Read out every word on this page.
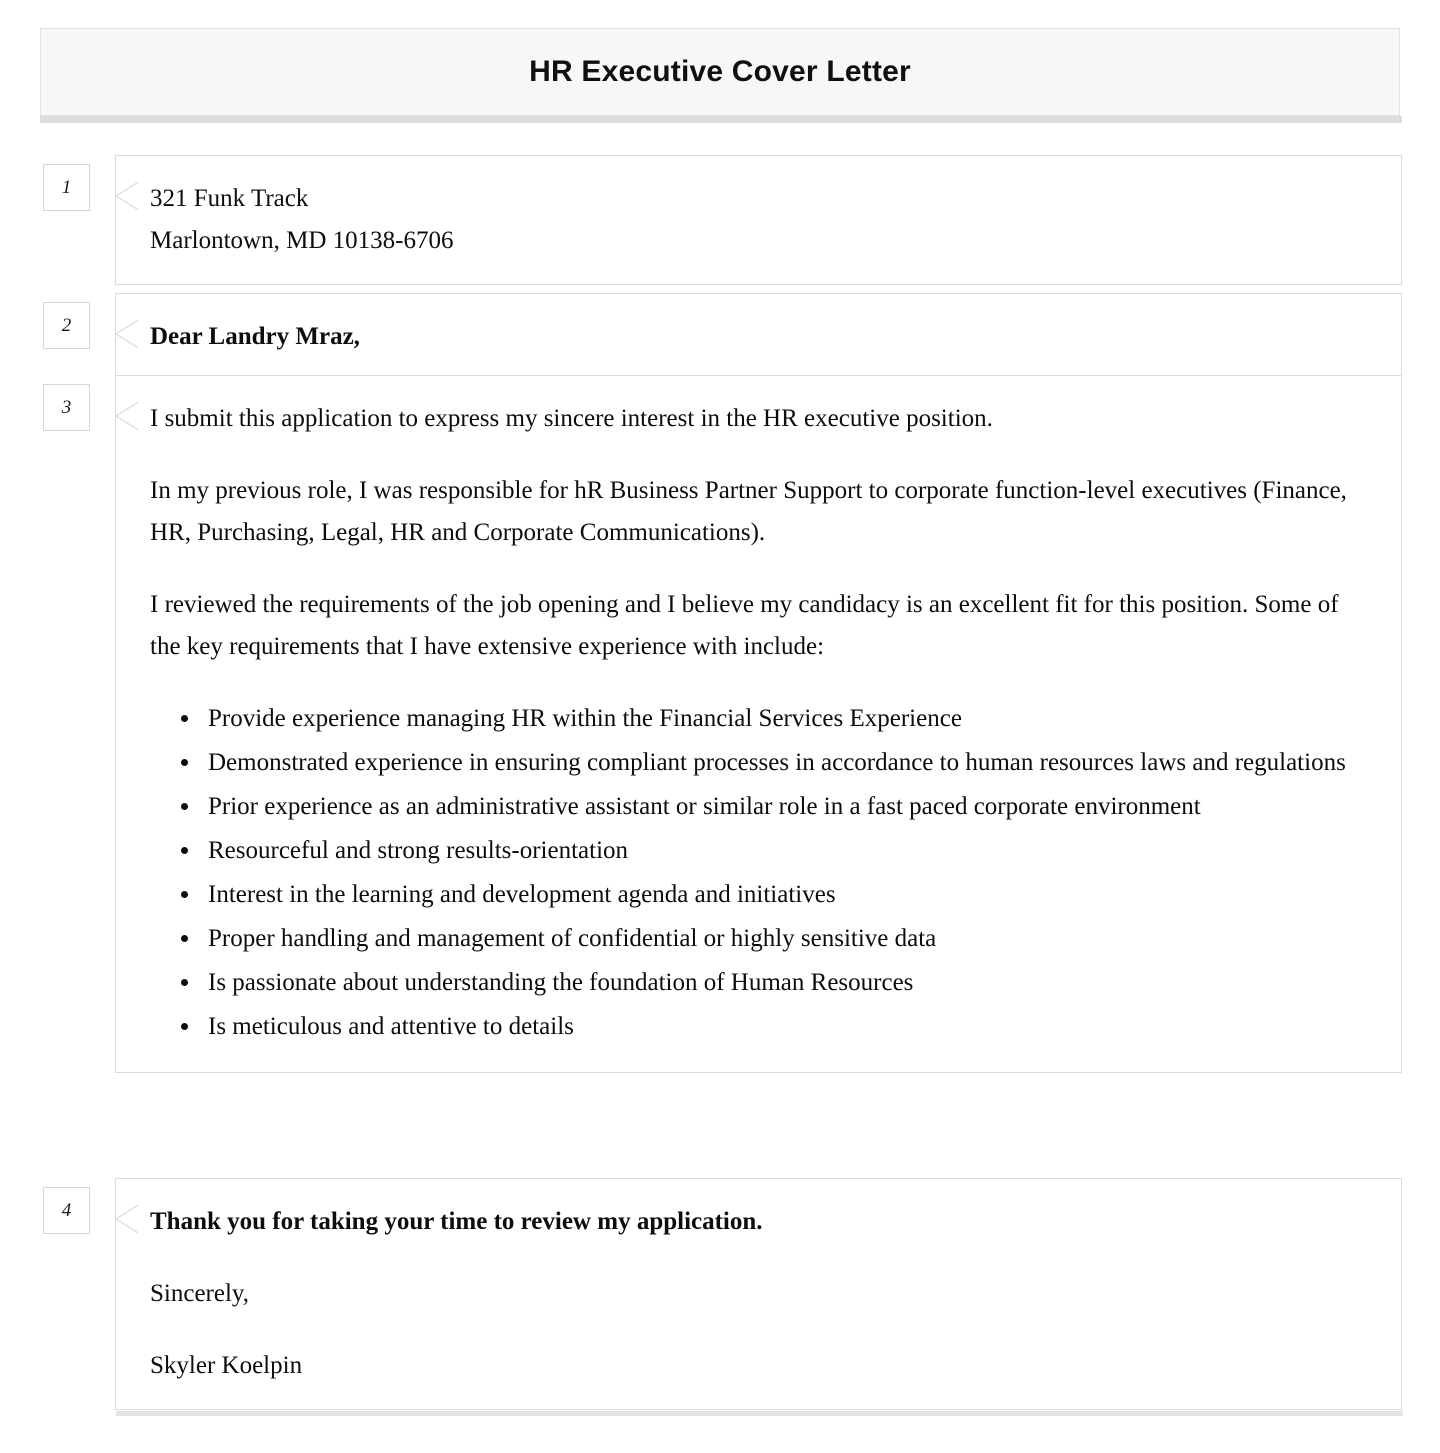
HR Executive Cover Letter
1	321 Funk Track
Marlontown, MD 10138-6706

2	Dear Landry Mraz,

3	I submit this application to express my sincere interest in the HR executive position.

In my previous role, I was responsible for hR Business Partner Support to corporate function-level executives (Finance, HR, Purchasing, Legal, HR and Corporate Communications).

I reviewed the requirements of the job opening and I believe my candidacy is an excellent fit for this position. Some of the key requirements that I have extensive experience with include:

• Provide experience managing HR within the Financial Services Experience
• Demonstrated experience in ensuring compliant processes in accordance to human resources laws and regulations
• Prior experience as an administrative assistant or similar role in a fast paced corporate environment
• Resourceful and strong results-orientation
• Interest in the learning and development agenda and initiatives
• Proper handling and management of confidential or highly sensitive data
• Is passionate about understanding the foundation of Human Resources
• Is meticulous and attentive to details
4	Thank you for taking your time to review my application.

Sincerely,

Skyler Koelpin
